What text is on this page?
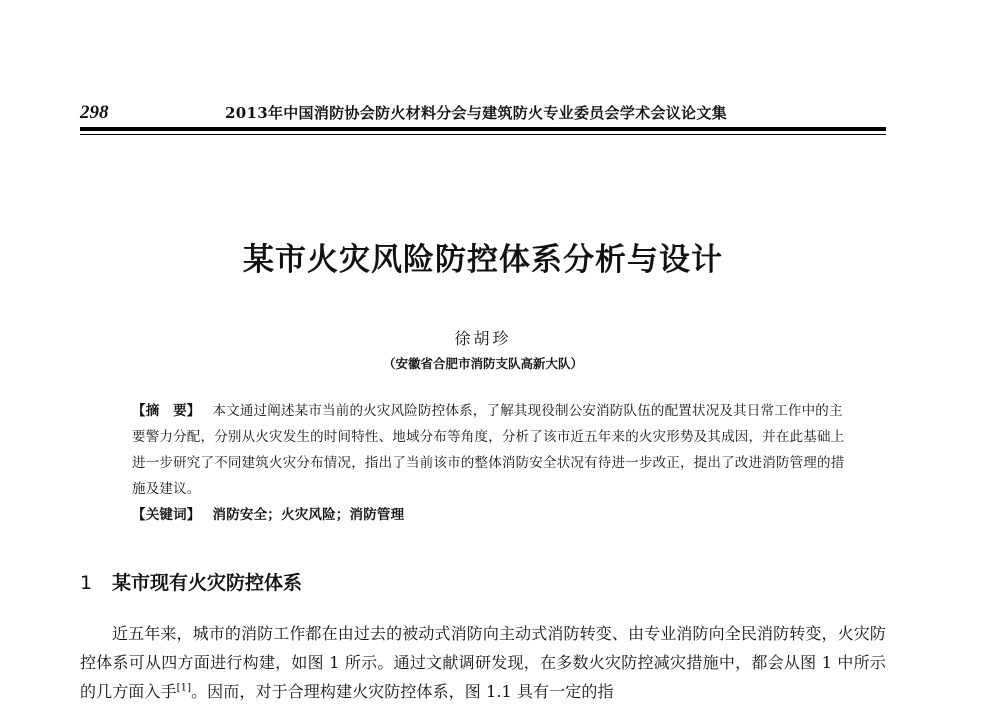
298	2013年中国消防协会防火材料分会与建筑防火专业委员会学术会议论文集
某市火灾风险防控体系分析与设计
徐胡珍
（安徽省合肥市消防支队高新大队）

【摘　要】 本文通过阐述某市当前的火灾风险防控体系，了解其现役制公安消防队伍的配置状况及其日常工作中的主要警力分配，分别从火灾发生的时间特性、地域分布等角度，分析了该市近五年来的火灾形势及其成因，并在此基础上进一步研究了不同建筑火灾分布情况，指出了当前该市的整体消防安全状况有待进一步改正，提出了改进消防管理的措施及建议。

【关键词】 消防安全；火灾风险；消防管理

1 某市现有火灾防控体系

近五年来，城市的消防工作都在由过去的被动式消防向主动式消防转变、由专业消防向全民消防转变，火灾防控体系可从四方面进行构建，如图 1 所示。通过文献调研发现，在多数火灾防控减灾措施中，都会从图 1 中所示的几方面入手[1]。因而，对于合理构建火灾防控体系，图 1.1 具有一定的指
